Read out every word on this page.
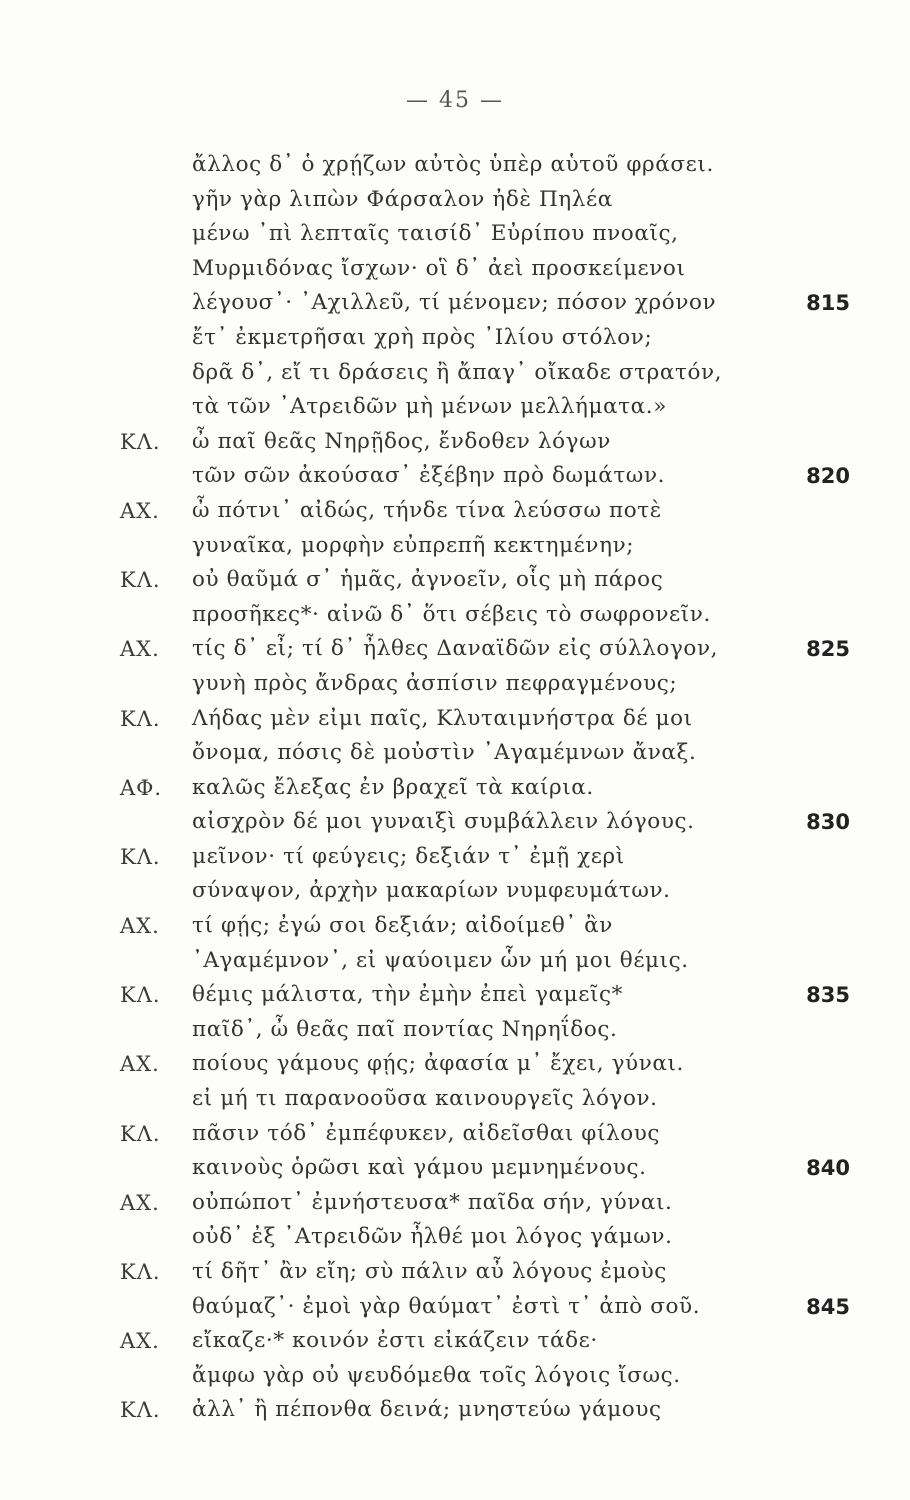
— 45 —
ἄλλος δ᾽ ὁ χρῄζων αὐτὸς ὑπὲρ αὑτοῦ φράσει.
γῆν γὰρ λιπὼν Φάρσαλον ἠδὲ Πηλέα
μένω ᾽πὶ λεπταῖς ταισίδ᾽ Εὐρίπου πνοαῖς,
Μυρμιδόνας ἴσχων· οἳ δ᾽ ἀεὶ προσκείμενοι
λέγουσ᾽· ᾽Αχιλλεῦ, τί μένομεν; πόσον χρόνον	815
ἔτ᾽ ἐκμετρῆσαι χρὴ πρὸς ᾽Ιλίου στόλον;
δρᾶ δ᾽, εἴ τι δράσεις ἢ ἄπαγ᾽ οἴκαδε στρατόν,
τὰ τῶν ᾽Ατρειδῶν μὴ μένων μελλήματα.»
ΚΛ.	ὦ παῖ θεᾶς Νηρῇδος, ἔνδοθεν λόγων
τῶν σῶν ἀκούσασ᾽ ἐξέβην πρὸ δωμάτων.	820
ΑΧ.	ὦ πότνι᾽ αἰδώς, τήνδε τίνα λεύσσω ποτὲ
γυναῖκα, μορφὴν εὐπρεπῆ κεκτημένην;
ΚΛ.	οὐ θαῦμά σ᾽ ἡμᾶς, ἀγνοεῖν, οἷς μὴ πάρος
προσῆκες*· αἰνῶ δ᾽ ὅτι σέβεις τὸ σωφρονεῖν.
ΑΧ.	τίς δ᾽ εἶ; τί δ᾽ ἦλθες Δαναϊδῶν εἰς σύλλογον,	825
γυνὴ πρὸς ἄνδρας ἀσπίσιν πεφραγμένους;
ΚΛ.	Λήδας μὲν εἰμι παῖς, Κλυταιμνήστρα δέ μοι
ὄνομα, πόσις δὲ μοὐστὶν ᾽Αγαμέμνων ἄναξ.
ΑΦ.	καλῶς ἔλεξας ἐν βραχεῖ τὰ καίρια.
αἰσχρὸν δέ μοι γυναιξὶ συμβάλλειν λόγους.	830
ΚΛ.	μεῖνον· τί φεύγεις; δεξιάν τ᾽ ἐμῇ χερὶ
σύναψον, ἀρχὴν μακαρίων νυμφευμάτων.
ΑΧ.	τί φῄς; ἐγώ σοι δεξιάν; αἰδοίμεθ᾽ ἂν
᾽Αγαμέμνον᾽, εἰ ψαύοιμεν ὧν μή μοι θέμις.
ΚΛ.	θέμις μάλιστα, τὴν ἐμὴν ἐπεὶ γαμεῖς*	835
παῖδ᾽, ὦ θεᾶς παῖ ποντίας Νηρηΐδος.
ΑΧ.	ποίους γάμους φῄς; ἀφασία μ᾽ ἔχει, γύναι.
εἰ μή τι παρανοοῦσα καινουργεῖς λόγον.
ΚΛ.	πᾶσιν τόδ᾽ ἐμπέφυκεν, αἰδεῖσθαι φίλους
καινοὺς ὁρῶσι καὶ γάμου μεμνημένους.	840
ΑΧ.	οὐπώποτ᾽ ἐμνήστευσα* παῖδα σήν, γύναι.
οὐδ᾽ ἐξ ᾽Ατρειδῶν ἦλθέ μοι λόγος γάμων.
ΚΛ.	τί δῆτ᾽ ἂν εἴη; σὺ πάλιν αὖ λόγους ἐμοὺς
θαύμαζ᾽· ἐμοὶ γὰρ θαύματ᾽ ἐστὶ τ᾽ ἀπὸ σοῦ.	845
ΑΧ.	εἴκαζε·* κοινόν ἐστι εἰκάζειν τάδε·
ἄμφω γὰρ οὐ ψευδόμεθα τοῖς λόγοις ἴσως.
ΚΛ.	ἀλλ᾽ ἢ πέπονθα δεινά; μνηστεύω γάμους
